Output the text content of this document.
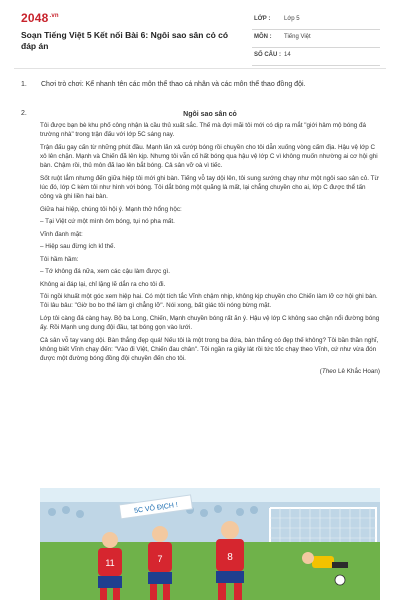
$2048^{.vn}$
Soạn Tiếng Việt 5 Kết nối Bài 6: Ngôi sao sân cỏ có đáp án
LỚP : Lớp 5
MÔN : Tiếng Việt
SỐ CÂU : 14
1. Chơi trò chơi: Kể nhanh tên các môn thể thao cá nhân và các môn thể thao đồng đội.
2.	Ngôi sao sân cỏ

Tôi được bạn bè khu phố công nhận là cầu thủ xuất sắc. Thế mà đợi mãi tôi mới có dịp ra mắt "giới hâm mộ bóng đá trường nhà" trong trận đấu với lớp 5C sáng nay.

Trận đấu gay cấn từ những phút đầu. Mạnh lăn xả cướp bóng rồi chuyền cho tôi dẫn xuống vòng cấm địa. Hậu vệ lớp C xô lên chặn. Mạnh và Chiến đã lên kịp. Nhưng tôi vẫn cố hất bóng qua hậu vệ lớp C vì không muốn nhường ai cơ hội ghi bàn. Chậm rồi, thủ môn đã lao lên bắt bóng. Cả sân vỡ oà vì tiếc.

Sốt ruột lắm nhưng đến giữa hiệp tôi mới ghi bàn. Tiếng vỗ tay dội lên, tôi sung sướng chạy như một ngôi sao sân cỏ. Từ lúc đó, lớp C kèm tôi như hình với bóng. Tôi dắt bóng một quãng là mất, lại chẳng chuyền cho ai, lớp C được thể tấn công và ghi liền hai bàn.

Giữa hai hiệp, chúng tôi hội ý. Mạnh thở hổng hộc:

– Tại Việt cứ một mình ôm bóng, tụi nó pha mất.

Vĩnh đanh mặt:

– Hiệp sau đừng ích kỉ thế.

Tôi hầm hầm:

– Tớ không đá nữa, xem các cậu làm được gì.

Không ai đáp lại, chỉ lặng lẽ dắn ra cho tôi đi.

Tôi ngồi khuất một góc xem hiệp hai. Có một tích tắc Vĩnh chậm nhịp, không kịp chuyền cho Chiến làm lỡ cơ hội ghi bàn. Tôi lâu bâu: "Giờ bo bo thế làm gì chẳng lỡ". Nói xong, bất giác tôi nóng bừng mặt.

Lớp tôi càng đá càng hay. Bộ ba Long, Chiến, Mạnh chuyền bóng rất ăn ý. Hậu vệ lớp C không sao chặn nổi đường bóng ấy. Rồi Mạnh ung dung đội đầu, tạt bóng gọn vào lưới.

Cả sân vỗ tay vang dội. Bàn thắng đẹp quá! Nếu tôi là một trong ba đứa, bàn thắng có đẹp thế không? Tôi bần thần nghĩ, không biết Vĩnh chạy đến: "Vào đi Việt, Chiến đau chân". Tôi ngần ra giây lát rồi tức tốc chạy theo Vĩnh, cứ như vừa đón được một đường bóng đồng đội chuyền đến cho tôi.

(Theo Lê Khắc Hoan)
5C VÔ ĐỊCH !
11	7	8
